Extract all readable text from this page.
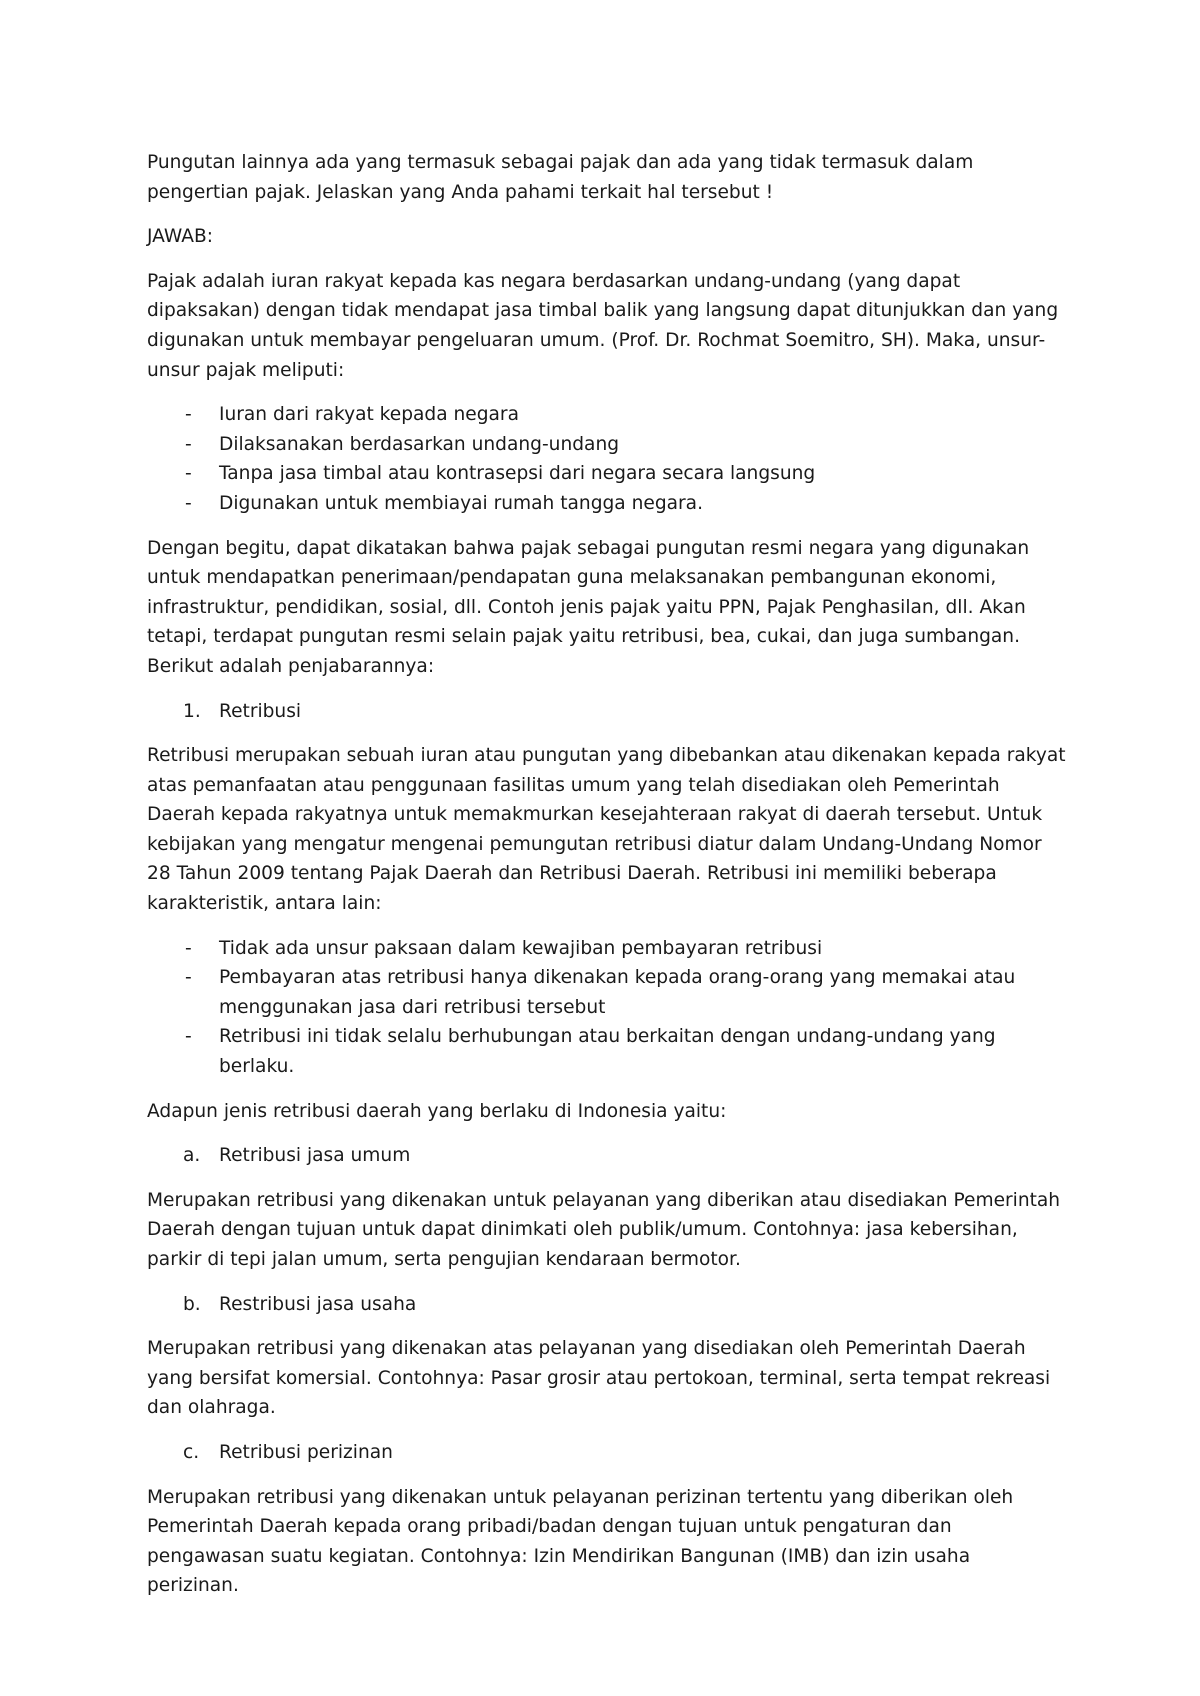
Pungutan lainnya ada yang termasuk sebagai pajak dan ada yang tidak termasuk dalam pengertian pajak. Jelaskan yang Anda pahami terkait hal tersebut !

JAWAB:

Pajak adalah iuran rakyat kepada kas negara berdasarkan undang-undang (yang dapat dipaksakan) dengan tidak mendapat jasa timbal balik yang langsung dapat ditunjukkan dan yang digunakan untuk membayar pengeluaran umum. (Prof. Dr. Rochmat Soemitro, SH). Maka, unsur-unsur pajak meliputi:

- Iuran dari rakyat kepada negara
- Dilaksanakan berdasarkan undang-undang
- Tanpa jasa timbal atau kontrasepsi dari negara secara langsung
- Digunakan untuk membiayai rumah tangga negara.

Dengan begitu, dapat dikatakan bahwa pajak sebagai pungutan resmi negara yang digunakan untuk mendapatkan penerimaan/pendapatan guna melaksanakan pembangunan ekonomi, infrastruktur, pendidikan, sosial, dll. Contoh jenis pajak yaitu PPN, Pajak Penghasilan, dll. Akan tetapi, terdapat pungutan resmi selain pajak yaitu retribusi, bea, cukai, dan juga sumbangan. Berikut adalah penjabarannya:

1. Retribusi

Retribusi merupakan sebuah iuran atau pungutan yang dibebankan atau dikenakan kepada rakyat atas pemanfaatan atau penggunaan fasilitas umum yang telah disediakan oleh Pemerintah Daerah kepada rakyatnya untuk memakmurkan kesejahteraan rakyat di daerah tersebut. Untuk kebijakan yang mengatur mengenai pemungutan retribusi diatur dalam Undang-Undang Nomor 28 Tahun 2009 tentang Pajak Daerah dan Retribusi Daerah. Retribusi ini memiliki beberapa karakteristik, antara lain:

- Tidak ada unsur paksaan dalam kewajiban pembayaran retribusi
- Pembayaran atas retribusi hanya dikenakan kepada orang-orang yang memakai atau menggunakan jasa dari retribusi tersebut
- Retribusi ini tidak selalu berhubungan atau berkaitan dengan undang-undang yang berlaku.

Adapun jenis retribusi daerah yang berlaku di Indonesia yaitu:

a. Retribusi jasa umum

Merupakan retribusi yang dikenakan untuk pelayanan yang diberikan atau disediakan Pemerintah Daerah dengan tujuan untuk dapat dinimkati oleh publik/umum. Contohnya: jasa kebersihan, parkir di tepi jalan umum, serta pengujian kendaraan bermotor.

b. Restribusi jasa usaha

Merupakan retribusi yang dikenakan atas pelayanan yang disediakan oleh Pemerintah Daerah yang bersifat komersial. Contohnya: Pasar grosir atau pertokoan, terminal, serta tempat rekreasi dan olahraga.

c. Retribusi perizinan

Merupakan retribusi yang dikenakan untuk pelayanan perizinan tertentu yang diberikan oleh Pemerintah Daerah kepada orang pribadi/badan dengan tujuan untuk pengaturan dan pengawasan suatu kegiatan. Contohnya: Izin Mendirikan Bangunan (IMB) dan izin usaha perizinan.
